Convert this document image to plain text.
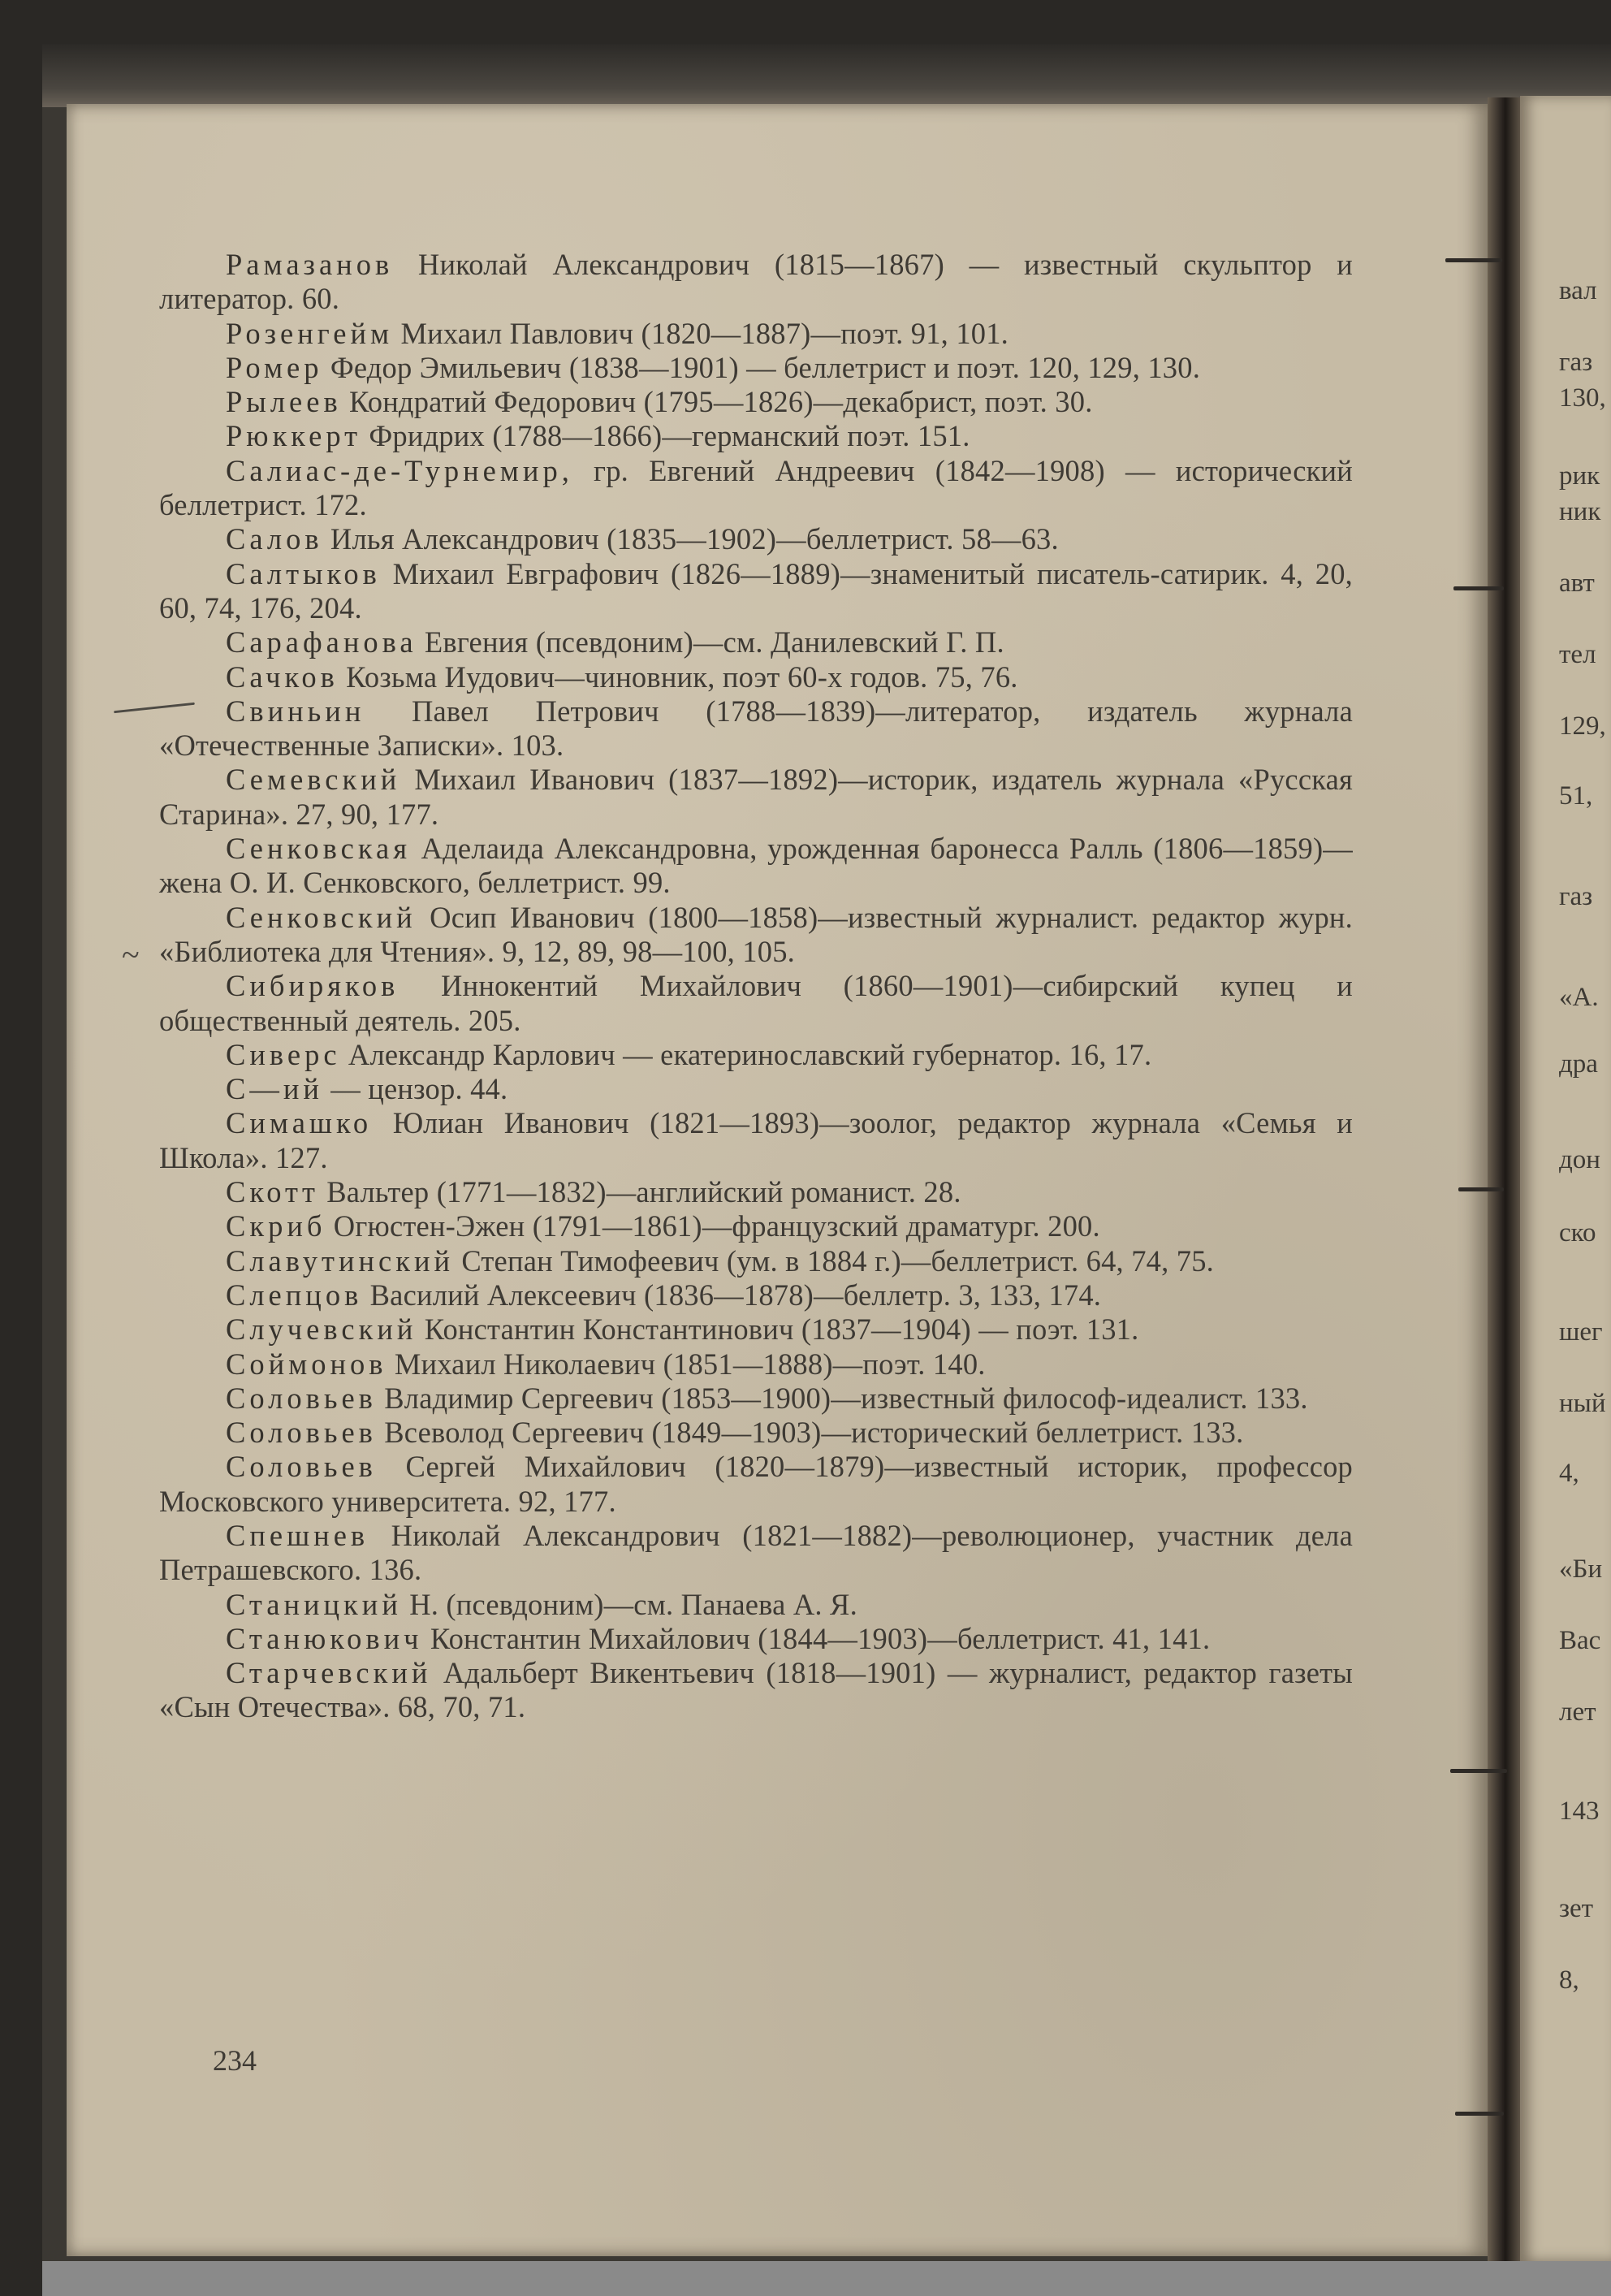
~

Рамазанов Николай Александрович (1815—1867) — известный скульптор и литератор. 60.

Розенгейм Михаил Павлович (1820—1887)—поэт. 91, 101.

Ромер Федор Эмильевич (1838—1901) — беллетрист и поэт. 120, 129, 130.

Рылеев Кондратий Федорович (1795—1826)—декабрист, поэт. 30.

Рюккерт Фридрих (1788—1866)—германский поэт. 151.

Салиас-де-Турнемир, гр. Евгений Андреевич (1842—1908) — исторический беллетрист. 172.

Салов Илья Александрович (1835—1902)—беллетрист. 58—63.

Салтыков Михаил Евграфович (1826—1889)—знаменитый писатель-сатирик. 4, 20, 60, 74, 176, 204.

Сарафанова Евгения (псевдоним)—см. Данилевский Г. П.

Сачков Козьма Иудович—чиновник, поэт 60-х годов. 75, 76.

Свиньин Павел Петрович (1788—1839)—литератор, издатель журнала «Отечественные Записки». 103.

Семевский Михаил Иванович (1837—1892)—историк, издатель журнала «Русская Старина». 27, 90, 177.

Сенковская Аделаида Александровна, урожденная баронесса Ралль (1806—1859)—жена О. И. Сенковского, беллетрист. 99.

Сенковский Осип Иванович (1800—1858)—известный журналист. редактор журн. «Библиотека для Чтения». 9, 12, 89, 98—100, 105.

Сибиряков Иннокентий Михайлович (1860—1901)—сибирский купец и общественный деятель. 205.

Сиверс Александр Карлович — екатеринославский губернатор. 16, 17.

С—ий — цензор. 44.

Симашко Юлиан Иванович (1821—1893)—зоолог, редактор журнала «Семья и Школа». 127.

Скотт Вальтер (1771—1832)—английский романист. 28.

Скриб Огюстен-Эжен (1791—1861)—французский драматург. 200.

Славутинский Степан Тимофеевич (ум. в 1884 г.)—беллетрист. 64, 74, 75.

Слепцов Василий Алексеевич (1836—1878)—беллетр. 3, 133, 174.

Случевский Константин Константинович (1837—1904) — поэт. 131.

Соймонов Михаил Николаевич (1851—1888)—поэт. 140.

Соловьев Владимир Сергеевич (1853—1900)—известный философ-идеалист. 133.

Соловьев Всеволод Сергеевич (1849—1903)—исторический беллетрист. 133.

Соловьев Сергей Михайлович (1820—1879)—известный историк, профессор Московского университета. 92, 177.

Спешнев Николай Александрович (1821—1882)—революционер, участник дела Петрашевского. 136.

Станицкий Н. (псевдоним)—см. Панаева А. Я.

Станюкович Константин Михайлович (1844—1903)—беллетрист. 41, 141.

Старчевский Адальберт Викентьевич (1818—1901) — журналист, редактор газеты «Сын Отечества». 68, 70, 71.

234
вал
газ
130,
рик
ник
авт
тел
129,
51,
газ
«А.
дра
дон
ско
шег
ный
4,
«Би
Вас
лет
143
зет
8,
